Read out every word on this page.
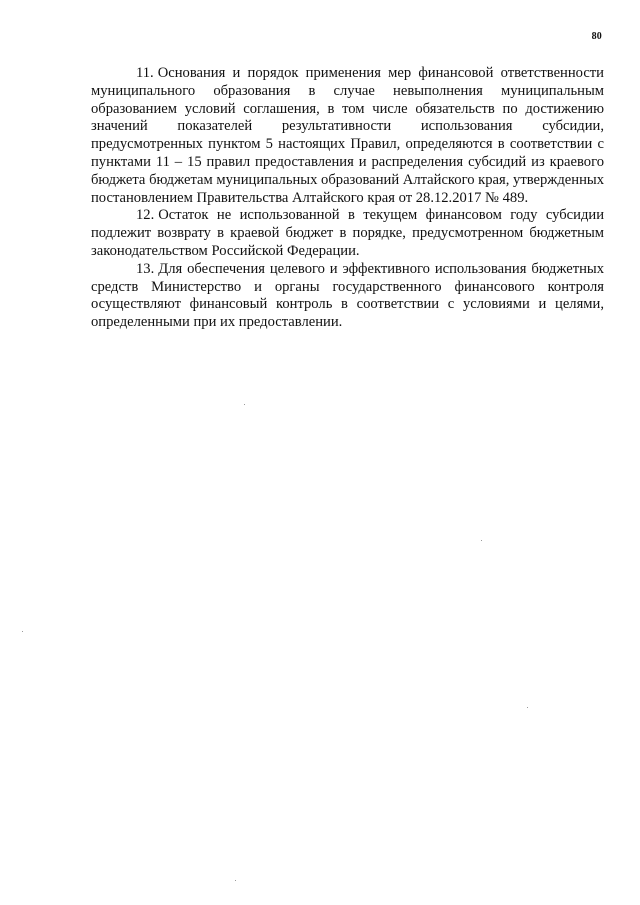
80

11. Основания и порядок применения мер финансовой ответственности муниципального образования в случае невыполнения муниципальным образованием условий соглашения, в том числе обязательств по достижению значений показателей результативности использования субсидии, предусмотренных пунктом 5 настоящих Правил, определяются в соответствии с пунктами 11 – 15 правил предоставления и распределения субсидий из краевого бюджета бюджетам муниципальных образований Алтайского края, утвержденных постановлением Правительства Алтайского края от 28.12.2017 № 489.

12. Остаток не использованной в текущем финансовом году субсидии подлежит возврату в краевой бюджет в порядке, предусмотренном бюджетным законодательством Российской Федерации.

13. Для обеспечения целевого и эффективного использования бюджетных средств Министерство и органы государственного финансового контроля осуществляют финансовый контроль в соответствии с условиями и целями, определенными при их предоставлении.
